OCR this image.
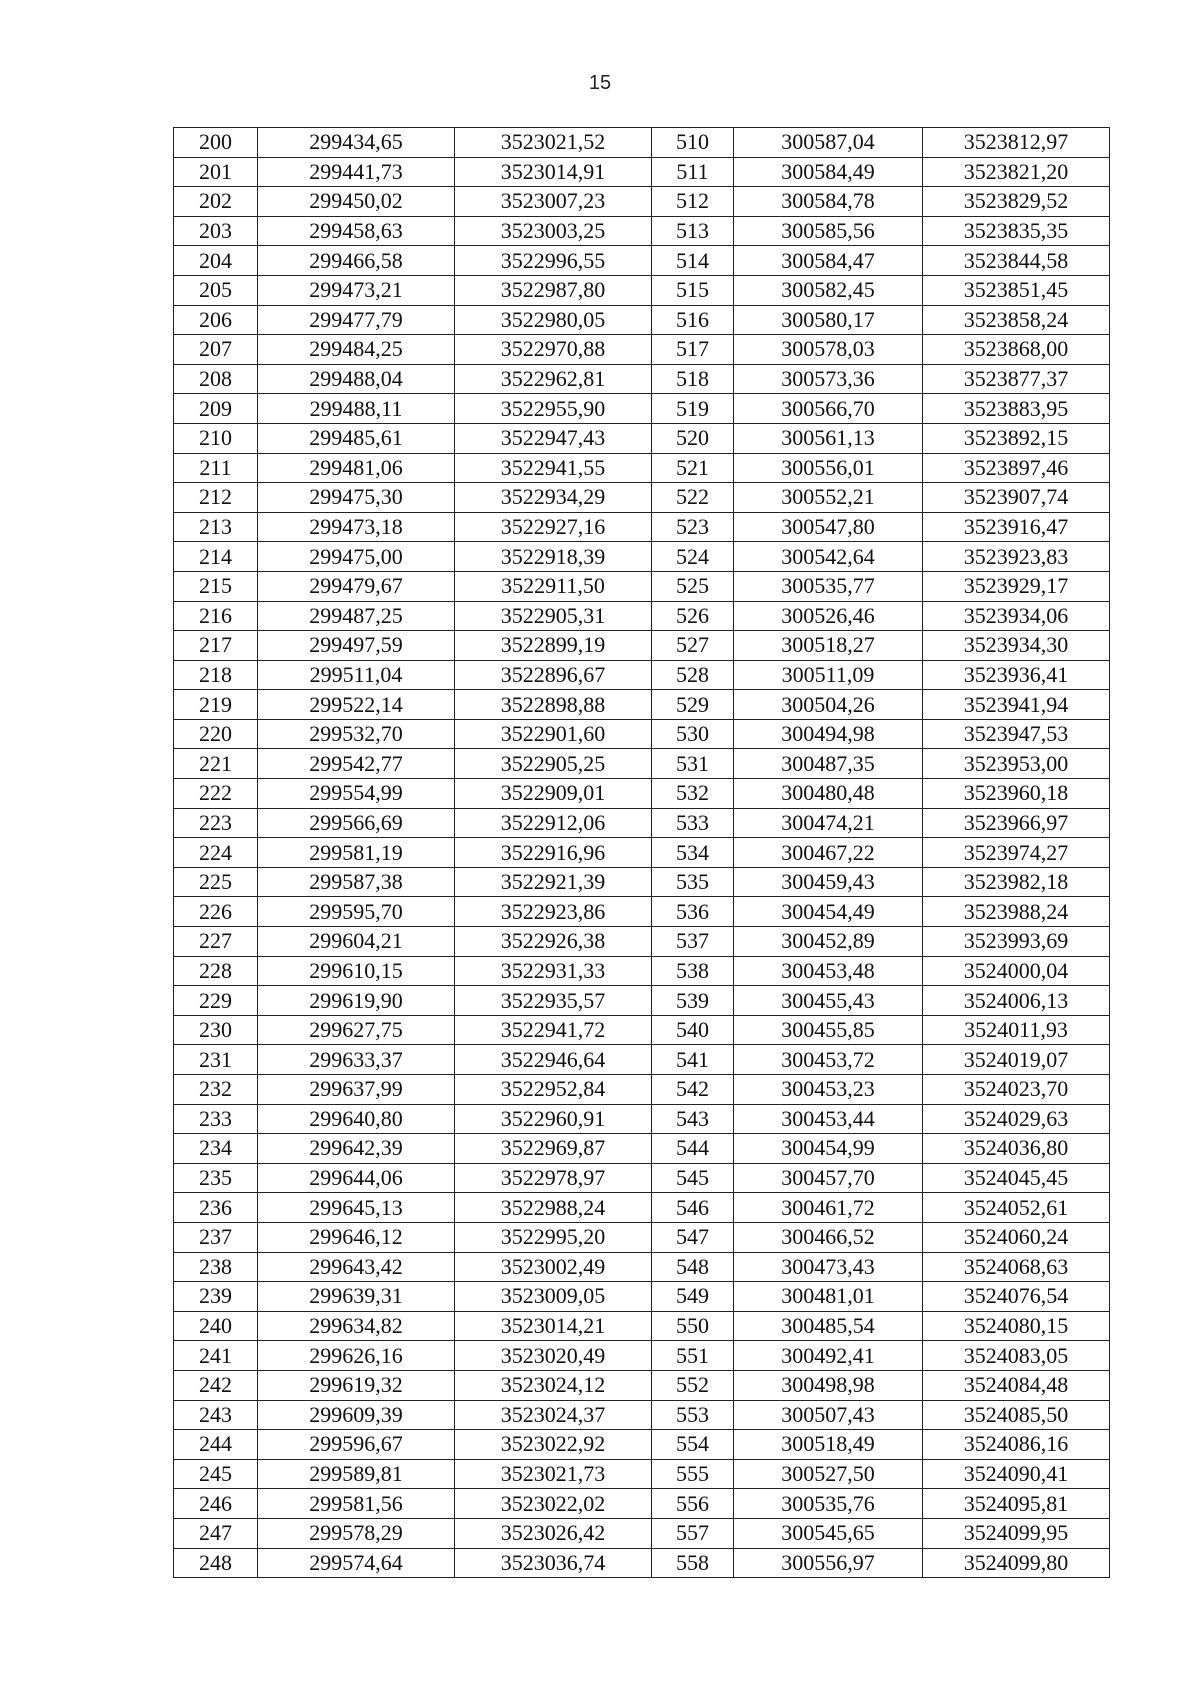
15
200	299434,65	3523021,52	510	300587,04	3523812,97
201	299441,73	3523014,91	511	300584,49	3523821,20
202	299450,02	3523007,23	512	300584,78	3523829,52
203	299458,63	3523003,25	513	300585,56	3523835,35
204	299466,58	3522996,55	514	300584,47	3523844,58
205	299473,21	3522987,80	515	300582,45	3523851,45
206	299477,79	3522980,05	516	300580,17	3523858,24
207	299484,25	3522970,88	517	300578,03	3523868,00
208	299488,04	3522962,81	518	300573,36	3523877,37
209	299488,11	3522955,90	519	300566,70	3523883,95
210	299485,61	3522947,43	520	300561,13	3523892,15
211	299481,06	3522941,55	521	300556,01	3523897,46
212	299475,30	3522934,29	522	300552,21	3523907,74
213	299473,18	3522927,16	523	300547,80	3523916,47
214	299475,00	3522918,39	524	300542,64	3523923,83
215	299479,67	3522911,50	525	300535,77	3523929,17
216	299487,25	3522905,31	526	300526,46	3523934,06
217	299497,59	3522899,19	527	300518,27	3523934,30
218	299511,04	3522896,67	528	300511,09	3523936,41
219	299522,14	3522898,88	529	300504,26	3523941,94
220	299532,70	3522901,60	530	300494,98	3523947,53
221	299542,77	3522905,25	531	300487,35	3523953,00
222	299554,99	3522909,01	532	300480,48	3523960,18
223	299566,69	3522912,06	533	300474,21	3523966,97
224	299581,19	3522916,96	534	300467,22	3523974,27
225	299587,38	3522921,39	535	300459,43	3523982,18
226	299595,70	3522923,86	536	300454,49	3523988,24
227	299604,21	3522926,38	537	300452,89	3523993,69
228	299610,15	3522931,33	538	300453,48	3524000,04
229	299619,90	3522935,57	539	300455,43	3524006,13
230	299627,75	3522941,72	540	300455,85	3524011,93
231	299633,37	3522946,64	541	300453,72	3524019,07
232	299637,99	3522952,84	542	300453,23	3524023,70
233	299640,80	3522960,91	543	300453,44	3524029,63
234	299642,39	3522969,87	544	300454,99	3524036,80
235	299644,06	3522978,97	545	300457,70	3524045,45
236	299645,13	3522988,24	546	300461,72	3524052,61
237	299646,12	3522995,20	547	300466,52	3524060,24
238	299643,42	3523002,49	548	300473,43	3524068,63
239	299639,31	3523009,05	549	300481,01	3524076,54
240	299634,82	3523014,21	550	300485,54	3524080,15
241	299626,16	3523020,49	551	300492,41	3524083,05
242	299619,32	3523024,12	552	300498,98	3524084,48
243	299609,39	3523024,37	553	300507,43	3524085,50
244	299596,67	3523022,92	554	300518,49	3524086,16
245	299589,81	3523021,73	555	300527,50	3524090,41
246	299581,56	3523022,02	556	300535,76	3524095,81
247	299578,29	3523026,42	557	300545,65	3524099,95
248	299574,64	3523036,74	558	300556,97	3524099,80
